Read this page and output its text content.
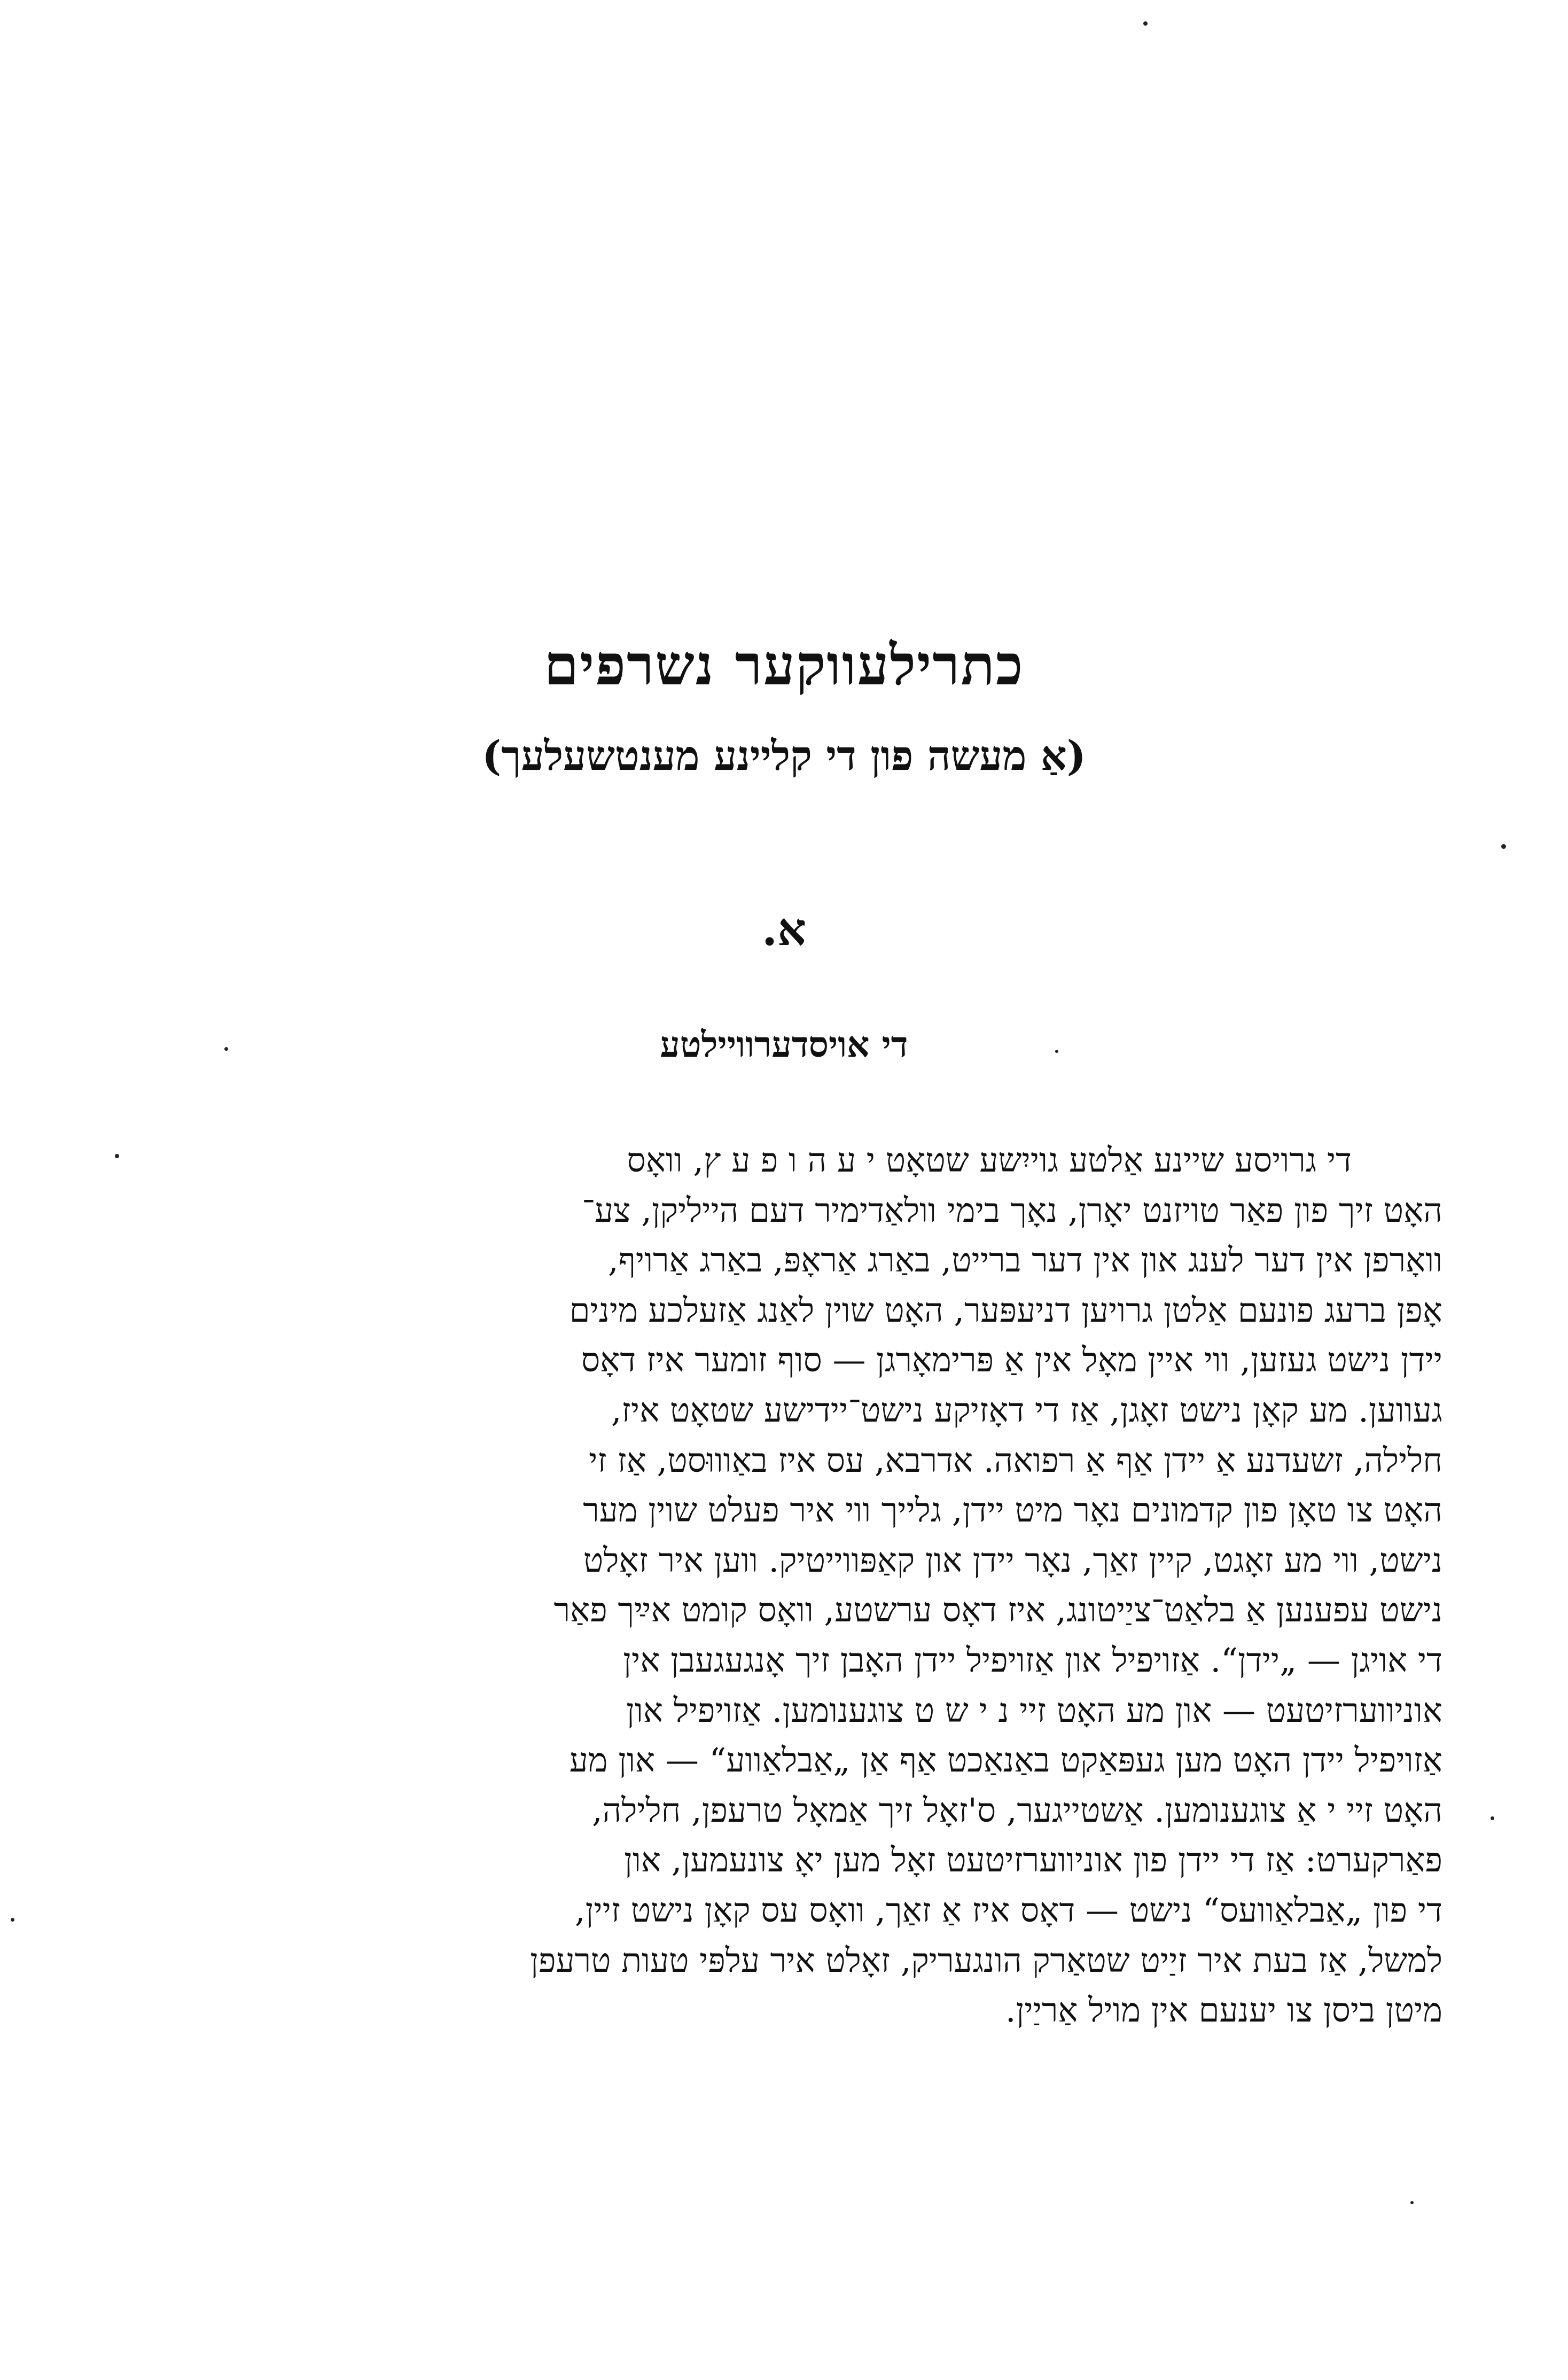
כתרילעווקער נשרפים
(אַ מעשה פון די קליינע מענטשעלעך)
א.
די אויסדערוויילטע
די גרויסע שיינע אַלטע גוייִשע שטאָט י ע ה ו פ ע ץ, וואָס
האָט זיך פון פאַר טויזנט יאָרן, נאָך בימי וולאַדימיר דעם הייליקן, צע־
וואָרפן אין דער לענג און אין דער ברייט, באַרג אַראָפּ, באַרג אַרויף,
אָפן ברעג פונעם אַלטן גרויען דניעפּער, האָט שוין לאַנג אַזעלכע מינים
יידן נישט געזען, ווי איין מאָל אין אַ פּרימאָרגן — סוף זומער איז דאָס
געווען. מע קאָן נישט זאָגן, אַז די דאָזיקע נישט־יידישע שטאָט איז,
חלילה, זשעדנע אַ יידן אַף אַ רפואה. אדרבא, עס איז באַוווּסט, אַז זי
האָט צו טאָן פון קדמונים נאָר מיט יידן, גלייך ווי איר פעלט שוין מער
נישט, ווי מע זאָגט, קיין זאַך, נאָר יידן און קאַפּווייטיק. ווען איר זאָלט
נישט עפענען אַ בלאַט־ציַיטונג, איז דאָס ערשטע, וואָס קומט אײַך פאַר
די אויגן — „יידן“. אַזויפיל און אַזויפיל יידן האָבן זיך אָנגעגעבן אין
אוניווערזיטעט — און מע האָט זיי נ י ש ט צוגענומען. אַזויפיל און
אַזויפיל יידן האָט מען געפּאַקט באַנאַכט אַף אַן „אַבלאַווע“ — און מע
האָט זיי י אַ צוגענומען. אַשטייגער, ס'זאָל זיך אַמאָל טרעפן, חלילה,
פאַרקערט: אַז די יידן פון אוניווערזיטעט זאָל מען יאָ צונעמען, און
די פון „אַבלאַוועס“ נישט — דאָס איז אַ זאַך, וואָס עס קאָן נישט זיין,
למשל, אַז בעת איר זיַיט שטאַרק הונגעריק, זאָלט איר עלפּי טעות טרעפן
מיטן ביסן צו יענעם אין מויל אַריַין.
